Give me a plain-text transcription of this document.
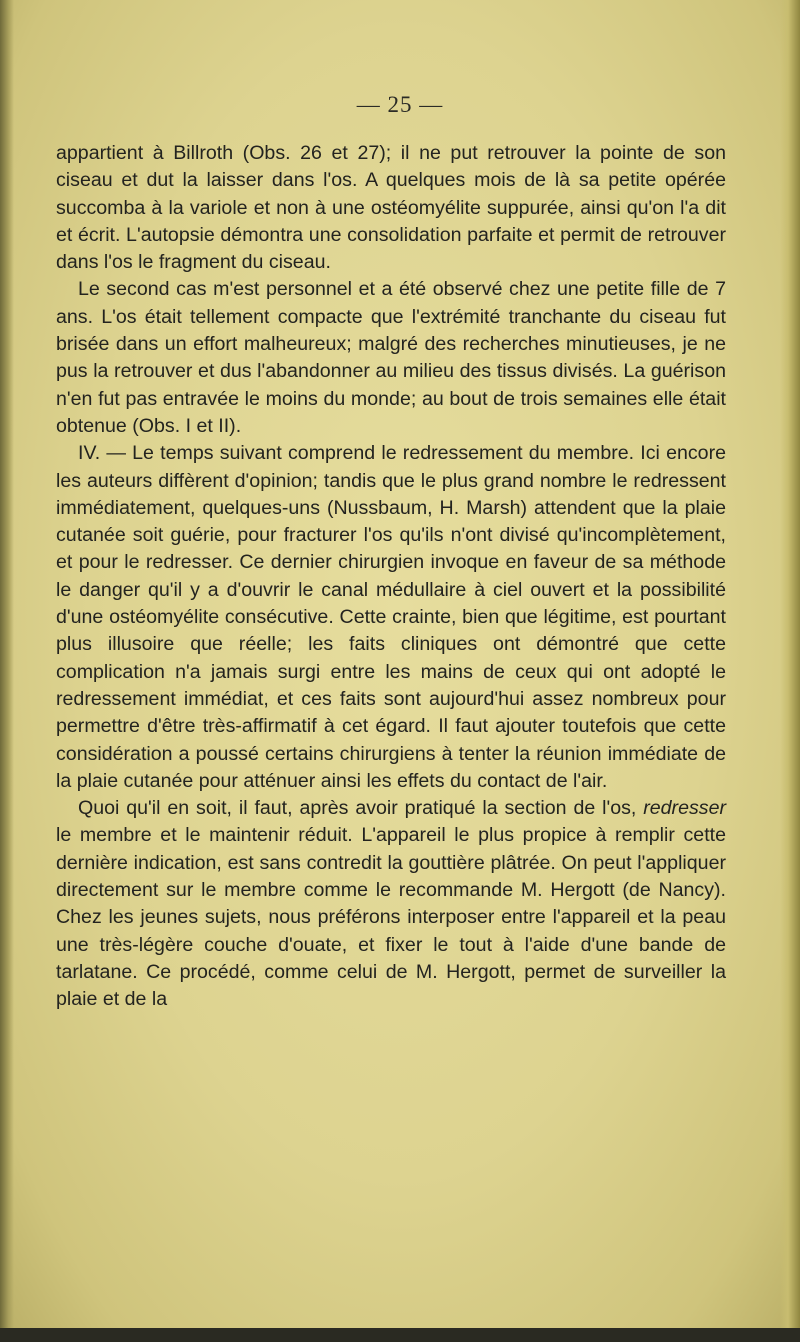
— 25 —

appartient à Billroth (Obs. 26 et 27); il ne put retrouver la pointe de son ciseau et dut la laisser dans l'os. A quelques mois de là sa petite opérée succomba à la variole et non à une ostéomyélite suppurée, ainsi qu'on l'a dit et écrit. L'autopsie démontra une consolidation parfaite et permit de retrouver dans l'os le fragment du ciseau.

Le second cas m'est personnel et a été observé chez une petite fille de 7 ans. L'os était tellement compacte que l'extrémité tranchante du ciseau fut brisée dans un effort malheureux; malgré des recherches minutieuses, je ne pus la retrouver et dus l'abandonner au milieu des tissus divisés. La guérison n'en fut pas entravée le moins du monde; au bout de trois semaines elle était obtenue (Obs. I et II).

IV. — Le temps suivant comprend le redressement du membre. Ici encore les auteurs diffèrent d'opinion; tandis que le plus grand nombre le redressent immédiatement, quelques-uns (Nussbaum, H. Marsh) attendent que la plaie cutanée soit guérie, pour fracturer l'os qu'ils n'ont divisé qu'incomplètement, et pour le redresser. Ce dernier chirurgien invoque en faveur de sa méthode le danger qu'il y a d'ouvrir le canal médullaire à ciel ouvert et la possibilité d'une ostéomyélite consécutive. Cette crainte, bien que légitime, est pourtant plus illusoire que réelle; les faits cliniques ont démontré que cette complication n'a jamais surgi entre les mains de ceux qui ont adopté le redressement immédiat, et ces faits sont aujourd'hui assez nombreux pour permettre d'être très-affirmatif à cet égard. Il faut ajouter toutefois que cette considération a poussé certains chirurgiens à tenter la réunion immédiate de la plaie cutanée pour atténuer ainsi les effets du contact de l'air.

Quoi qu'il en soit, il faut, après avoir pratiqué la section de l'os, redresser le membre et le maintenir réduit. L'appareil le plus propice à remplir cette dernière indication, est sans contredit la gouttière plâtrée. On peut l'appliquer directement sur le membre comme le recommande M. Hergott (de Nancy). Chez les jeunes sujets, nous préférons interposer entre l'appareil et la peau une très-légère couche d'ouate, et fixer le tout à l'aide d'une bande de tarlatane. Ce procédé, comme celui de M. Hergott, permet de surveiller la plaie et de la
